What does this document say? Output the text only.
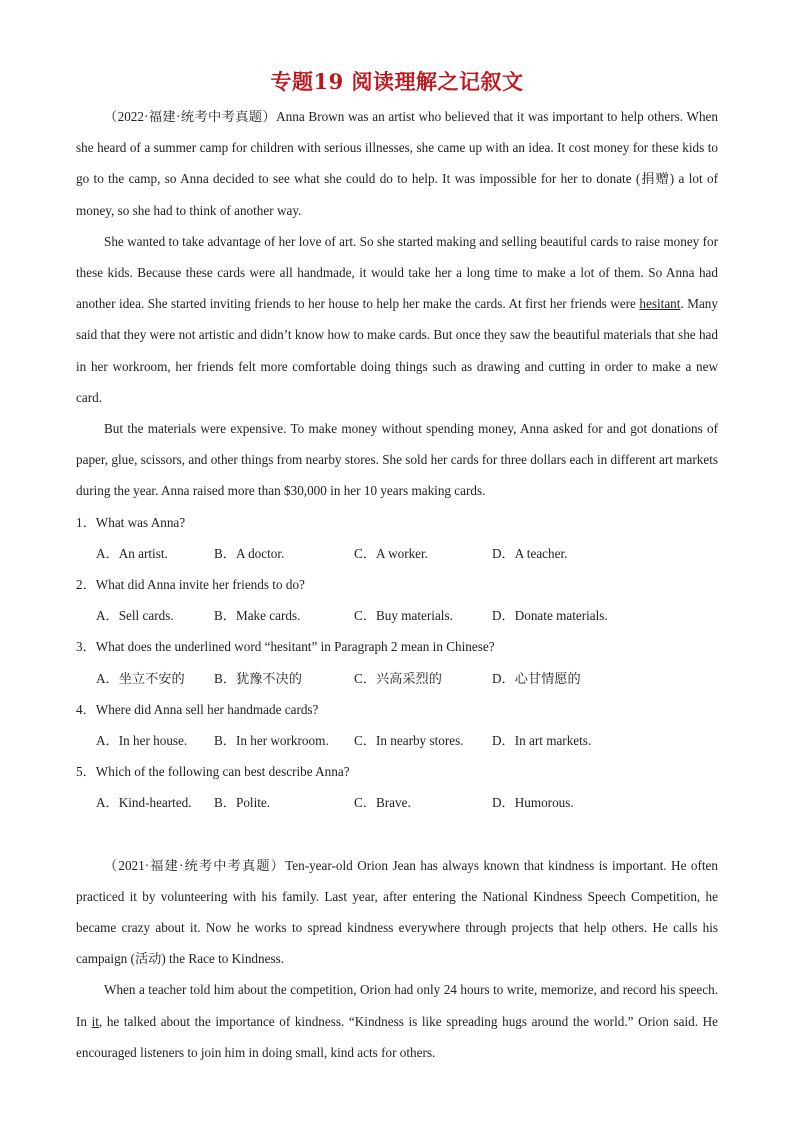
专题19 阅读理解之记叙文

（2022·福建·统考中考真题）Anna Brown was an artist who believed that it was important to help others. When she heard of a summer camp for children with serious illnesses, she came up with an idea. It cost money for these kids to go to the camp, so Anna decided to see what she could do to help. It was impossible for her to donate (捐赠) a lot of money, so she had to think of another way.

She wanted to take advantage of her love of art. So she started making and selling beautiful cards to raise money for these kids. Because these cards were all handmade, it would take her a long time to make a lot of them. So Anna had another idea. She started inviting friends to her house to help her make the cards. At first her friends were hesitant. Many said that they were not artistic and didn’t know how to make cards. But once they saw the beautiful materials that she had in her workroom, her friends felt more comfortable doing things such as drawing and cutting in order to make a new card.

But the materials were expensive. To make money without spending money, Anna asked for and got donations of paper, glue, scissors, and other things from nearby stores. She sold her cards for three dollars each in different art markets during the year. Anna raised more than $30,000 in her 10 years making cards.

1．What was Anna?

A．An artist.	B．A doctor.	C．A worker.	D．A teacher.

2．What did Anna invite her friends to do?

A．Sell cards.	B．Make cards.	C．Buy materials.	D．Donate materials.

3．What does the underlined word “hesitant” in Paragraph 2 mean in Chinese?

A．坐立不安的	B．犹豫不决的	C．兴高采烈的	D．心甘情愿的

4．Where did Anna sell her handmade cards?

A．In her house.	B．In her workroom.	C．In nearby stores.	D．In art markets.

5．Which of the following can best describe Anna?

A．Kind-hearted.	B．Polite.	C．Brave.	D．Humorous.

（2021·福建·统考中考真题）Ten-year-old Orion Jean has always known that kindness is important. He often practiced it by volunteering with his family. Last year, after entering the National Kindness Speech Competition, he became crazy about it. Now he works to spread kindness everywhere through projects that help others. He calls his campaign (活动) the Race to Kindness.

When a teacher told him about the competition, Orion had only 24 hours to write, memorize, and record his speech. In it, he talked about the importance of kindness. “Kindness is like spreading hugs around the world.” Orion said. He encouraged listeners to join him in doing small, kind acts for others.
